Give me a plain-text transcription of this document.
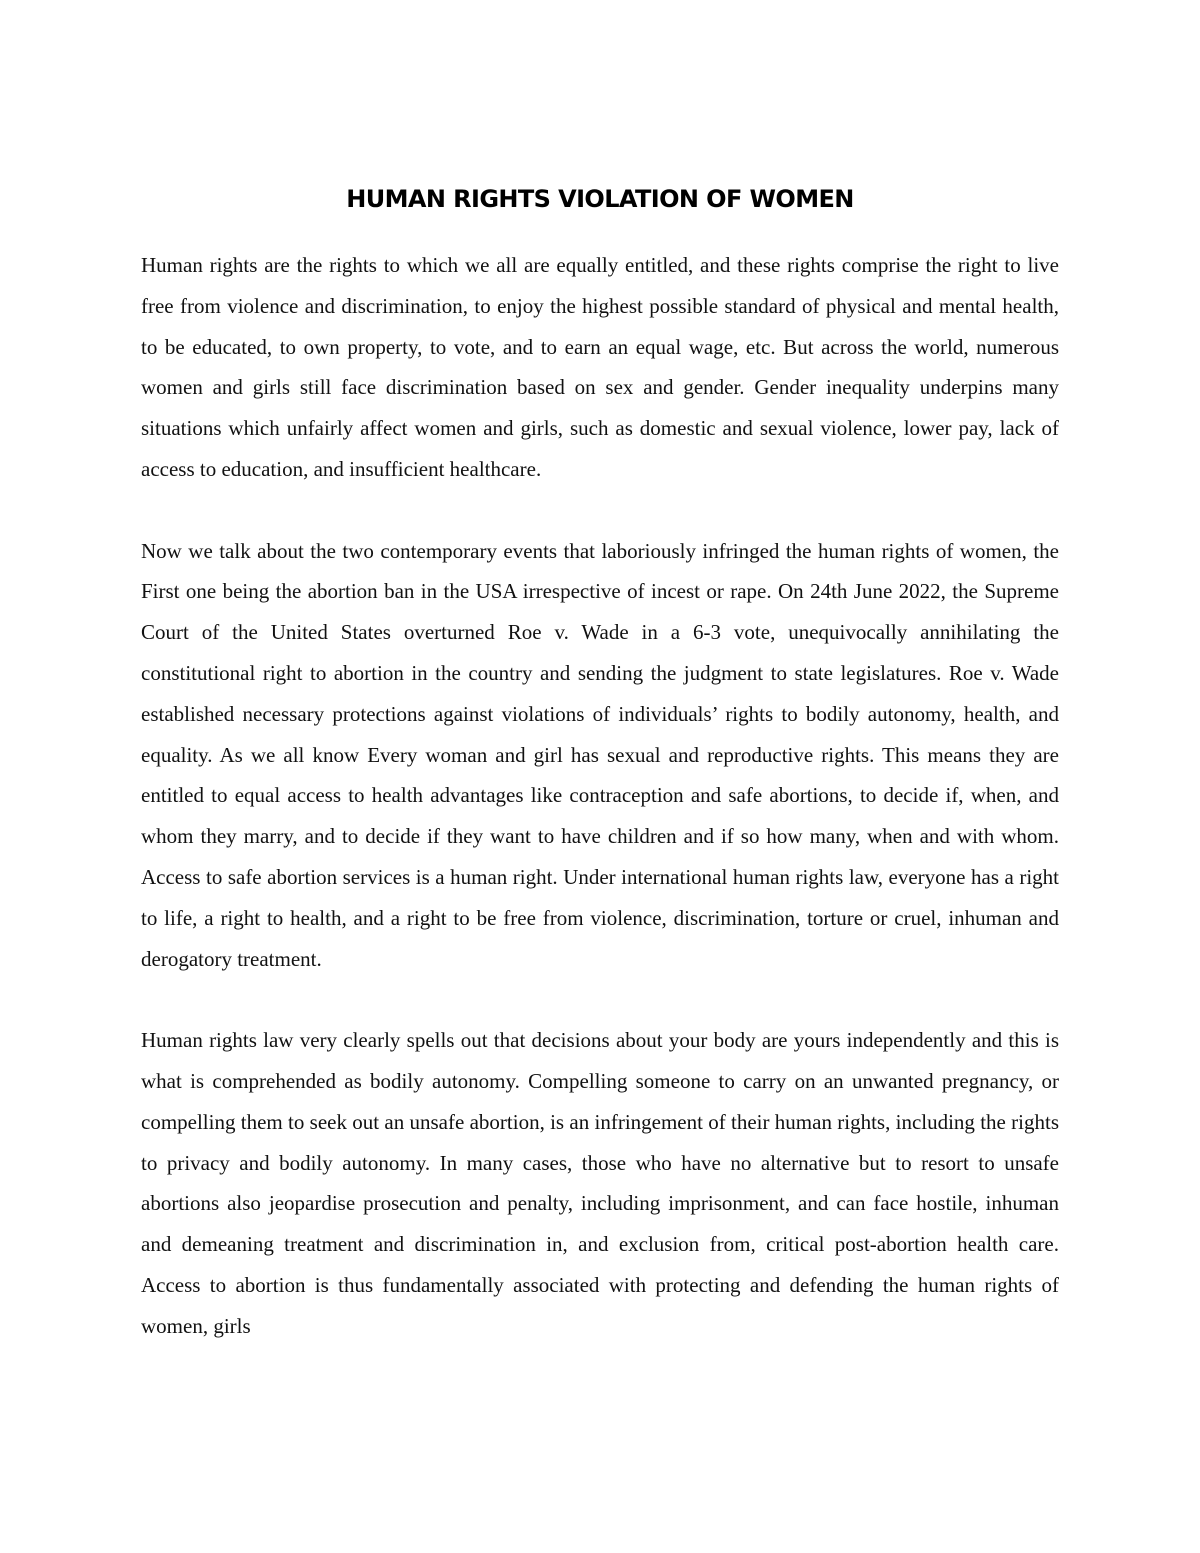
HUMAN RIGHTS VIOLATION OF WOMEN

Human rights are the rights to which we all are equally entitled, and these rights comprise the right to live free from violence and discrimination, to enjoy the highest possible standard of physical and mental health, to be educated, to own property, to vote, and to earn an equal wage, etc. But across the world, numerous women and girls still face discrimination based on sex and gender. Gender inequality underpins many situations which unfairly affect women and girls, such as domestic and sexual violence, lower pay, lack of access to education, and insufficient healthcare.

Now we talk about the two contemporary events that laboriously infringed the human rights of women, the First one being the abortion ban in the USA irrespective of incest or rape. On 24th June 2022, the Supreme Court of the United States overturned Roe v. Wade in a 6-3 vote, unequivocally annihilating the constitutional right to abortion in the country and sending the judgment to state legislatures. Roe v. Wade established necessary protections against violations of individuals’ rights to bodily autonomy, health, and equality. As we all know Every woman and girl has sexual and reproductive rights. This means they are entitled to equal access to health advantages like contraception and safe abortions, to decide if, when, and whom they marry, and to decide if they want to have children and if so how many, when and with whom. Access to safe abortion services is a human right. Under international human rights law, everyone has a right to life, a right to health, and a right to be free from violence, discrimination, torture or cruel, inhuman and derogatory treatment.

Human rights law very clearly spells out that decisions about your body are yours independently and this is what is comprehended as bodily autonomy. Compelling someone to carry on an unwanted pregnancy, or compelling them to seek out an unsafe abortion, is an infringement of their human rights, including the rights to privacy and bodily autonomy. In many cases, those who have no alternative but to resort to unsafe abortions also jeopardise prosecution and penalty, including imprisonment, and can face hostile, inhuman and demeaning treatment and discrimination in, and exclusion from, critical post-abortion health care. Access to abortion is thus fundamentally associated with protecting and defending the human rights of women, girls
